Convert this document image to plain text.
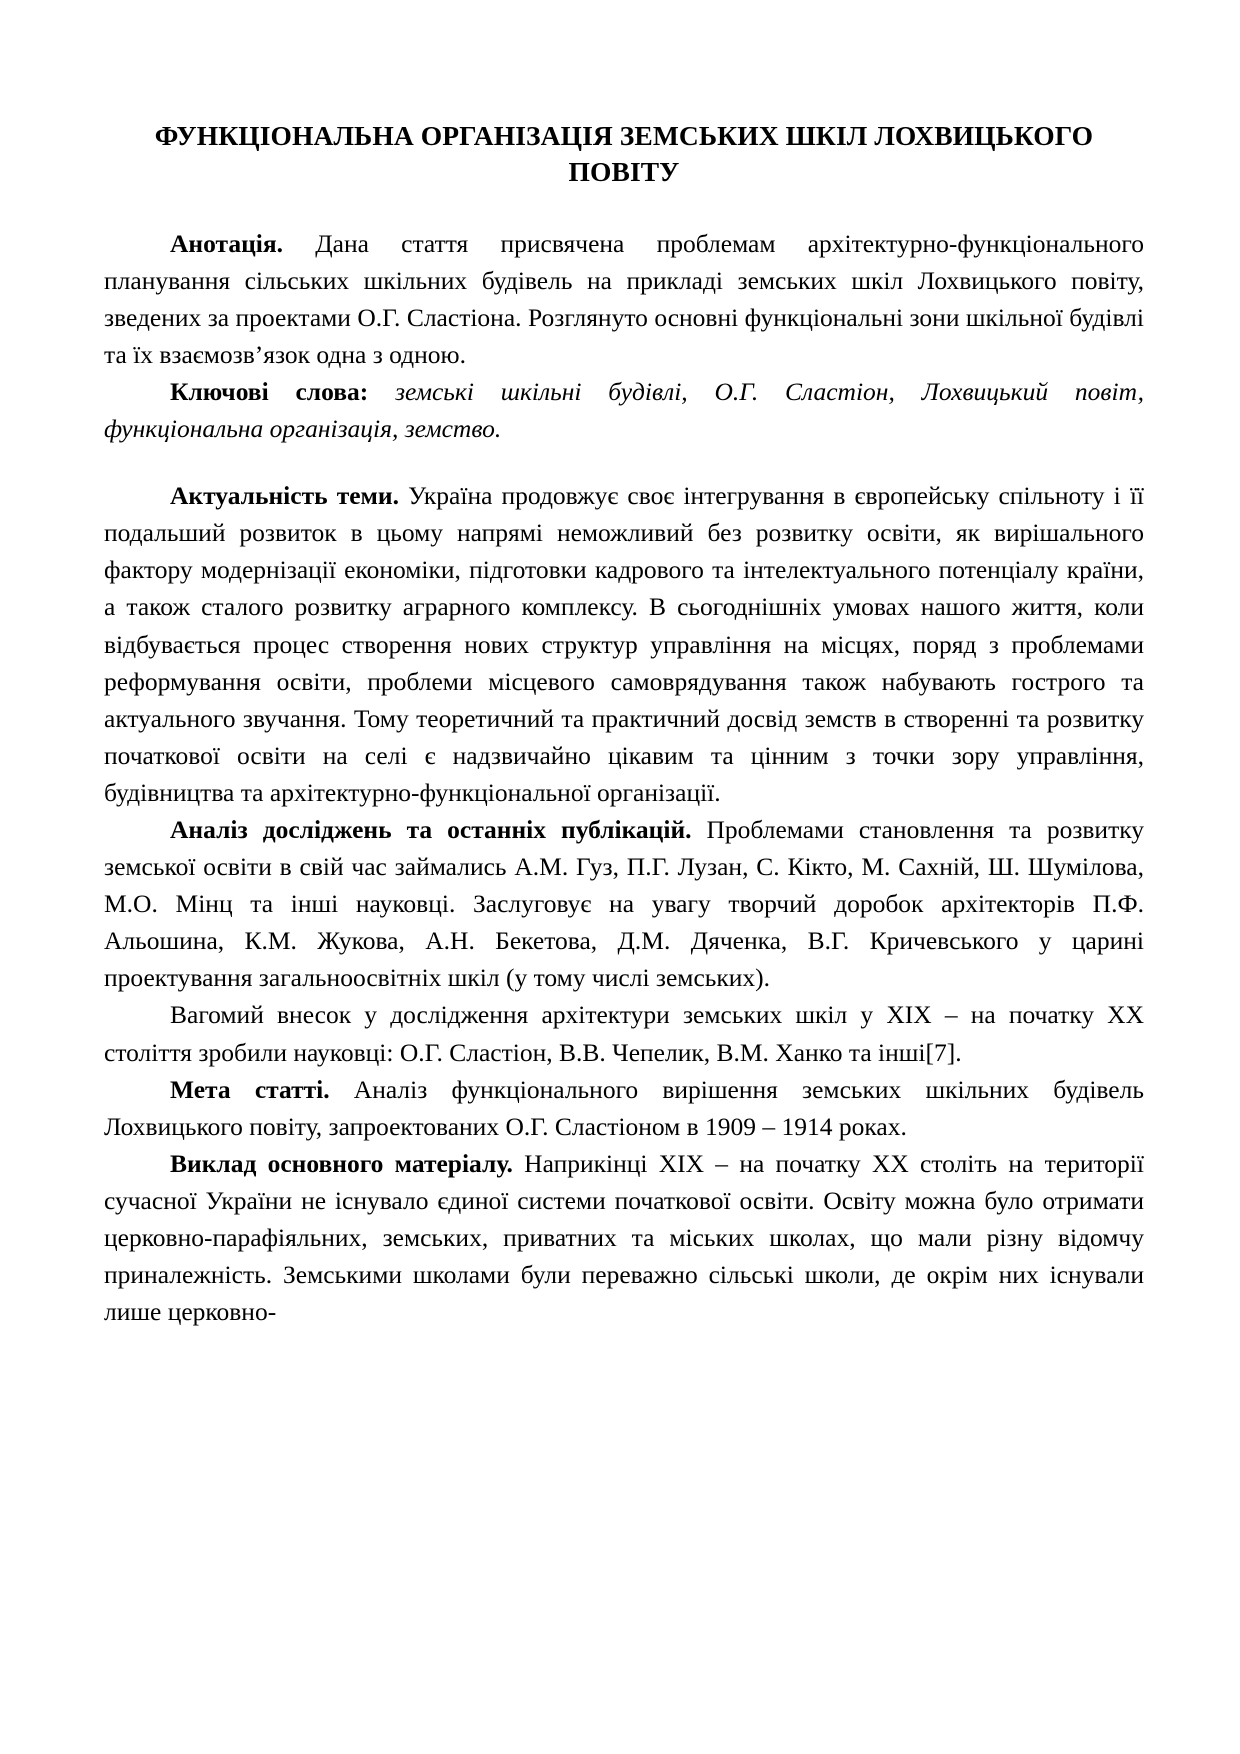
ФУНКЦІОНАЛЬНА ОРГАНІЗАЦІЯ ЗЕМСЬКИХ ШКІЛ ЛОХВИЦЬКОГО ПОВІТУ

Анотація. Дана стаття присвячена проблемам архітектурно-функціонального планування сільських шкільних будівель на прикладі земських шкіл Лохвицького повіту, зведених за проектами О.Г. Сластіона. Розглянуто основні функціональні зони шкільної будівлі та їх взаємозв’язок одна з одною.

Ключові слова: земські шкільні будівлі, О.Г. Сластіон, Лохвицький повіт, функціональна організація, земство.

Актуальність теми. Україна продовжує своє інтегрування в європейську спільноту і її подальший розвиток в цьому напрямі неможливий без розвитку освіти, як вирішального фактору модернізації економіки, підготовки кадрового та інтелектуального потенціалу країни, а також сталого розвитку аграрного комплексу. В сьогоднішніх умовах нашого життя, коли відбувається процес створення нових структур управління на місцях, поряд з проблемами реформування освіти, проблеми місцевого самоврядування також набувають гострого та актуального звучання. Тому теоретичний та практичний досвід земств в створенні та розвитку початкової освіти на селі є надзвичайно цікавим та цінним з точки зору управління, будівництва та архітектурно-функціональної організації.

Аналіз досліджень та останніх публікацій. Проблемами становлення та розвитку земської освіти в свій час займались А.М. Гуз, П.Г. Лузан, С. Кікто, М. Сахній, Ш. Шумілова, М.О. Мінц та інші науковці. Заслуговує на увагу творчий доробок архітекторів П.Ф. Альошина, К.М. Жукова, А.Н. Бекетова, Д.М. Дяченка, В.Г. Кричевського у царині проектування загальноосвітніх шкіл (у тому числі земських).

Вагомий внесок у дослідження архітектури земських шкіл у XIX – на початку XX століття зробили науковці: О.Г. Сластіон, В.В. Чепелик, В.М. Ханко та інші[7].

Мета статті. Аналіз функціонального вирішення земських шкільних будівель Лохвицького повіту, запроектованих О.Г. Сластіоном в 1909 – 1914 роках.

Виклад основного матеріалу. Наприкінці XIX – на початку XX століть на території сучасної України не існувало єдиної системи початкової освіти. Освіту можна було отримати церковно-парафіяльних, земських, приватних та міських школах, що мали різну відомчу приналежність. Земськими школами були переважно сільські школи, де окрім них існували лише церковно-
